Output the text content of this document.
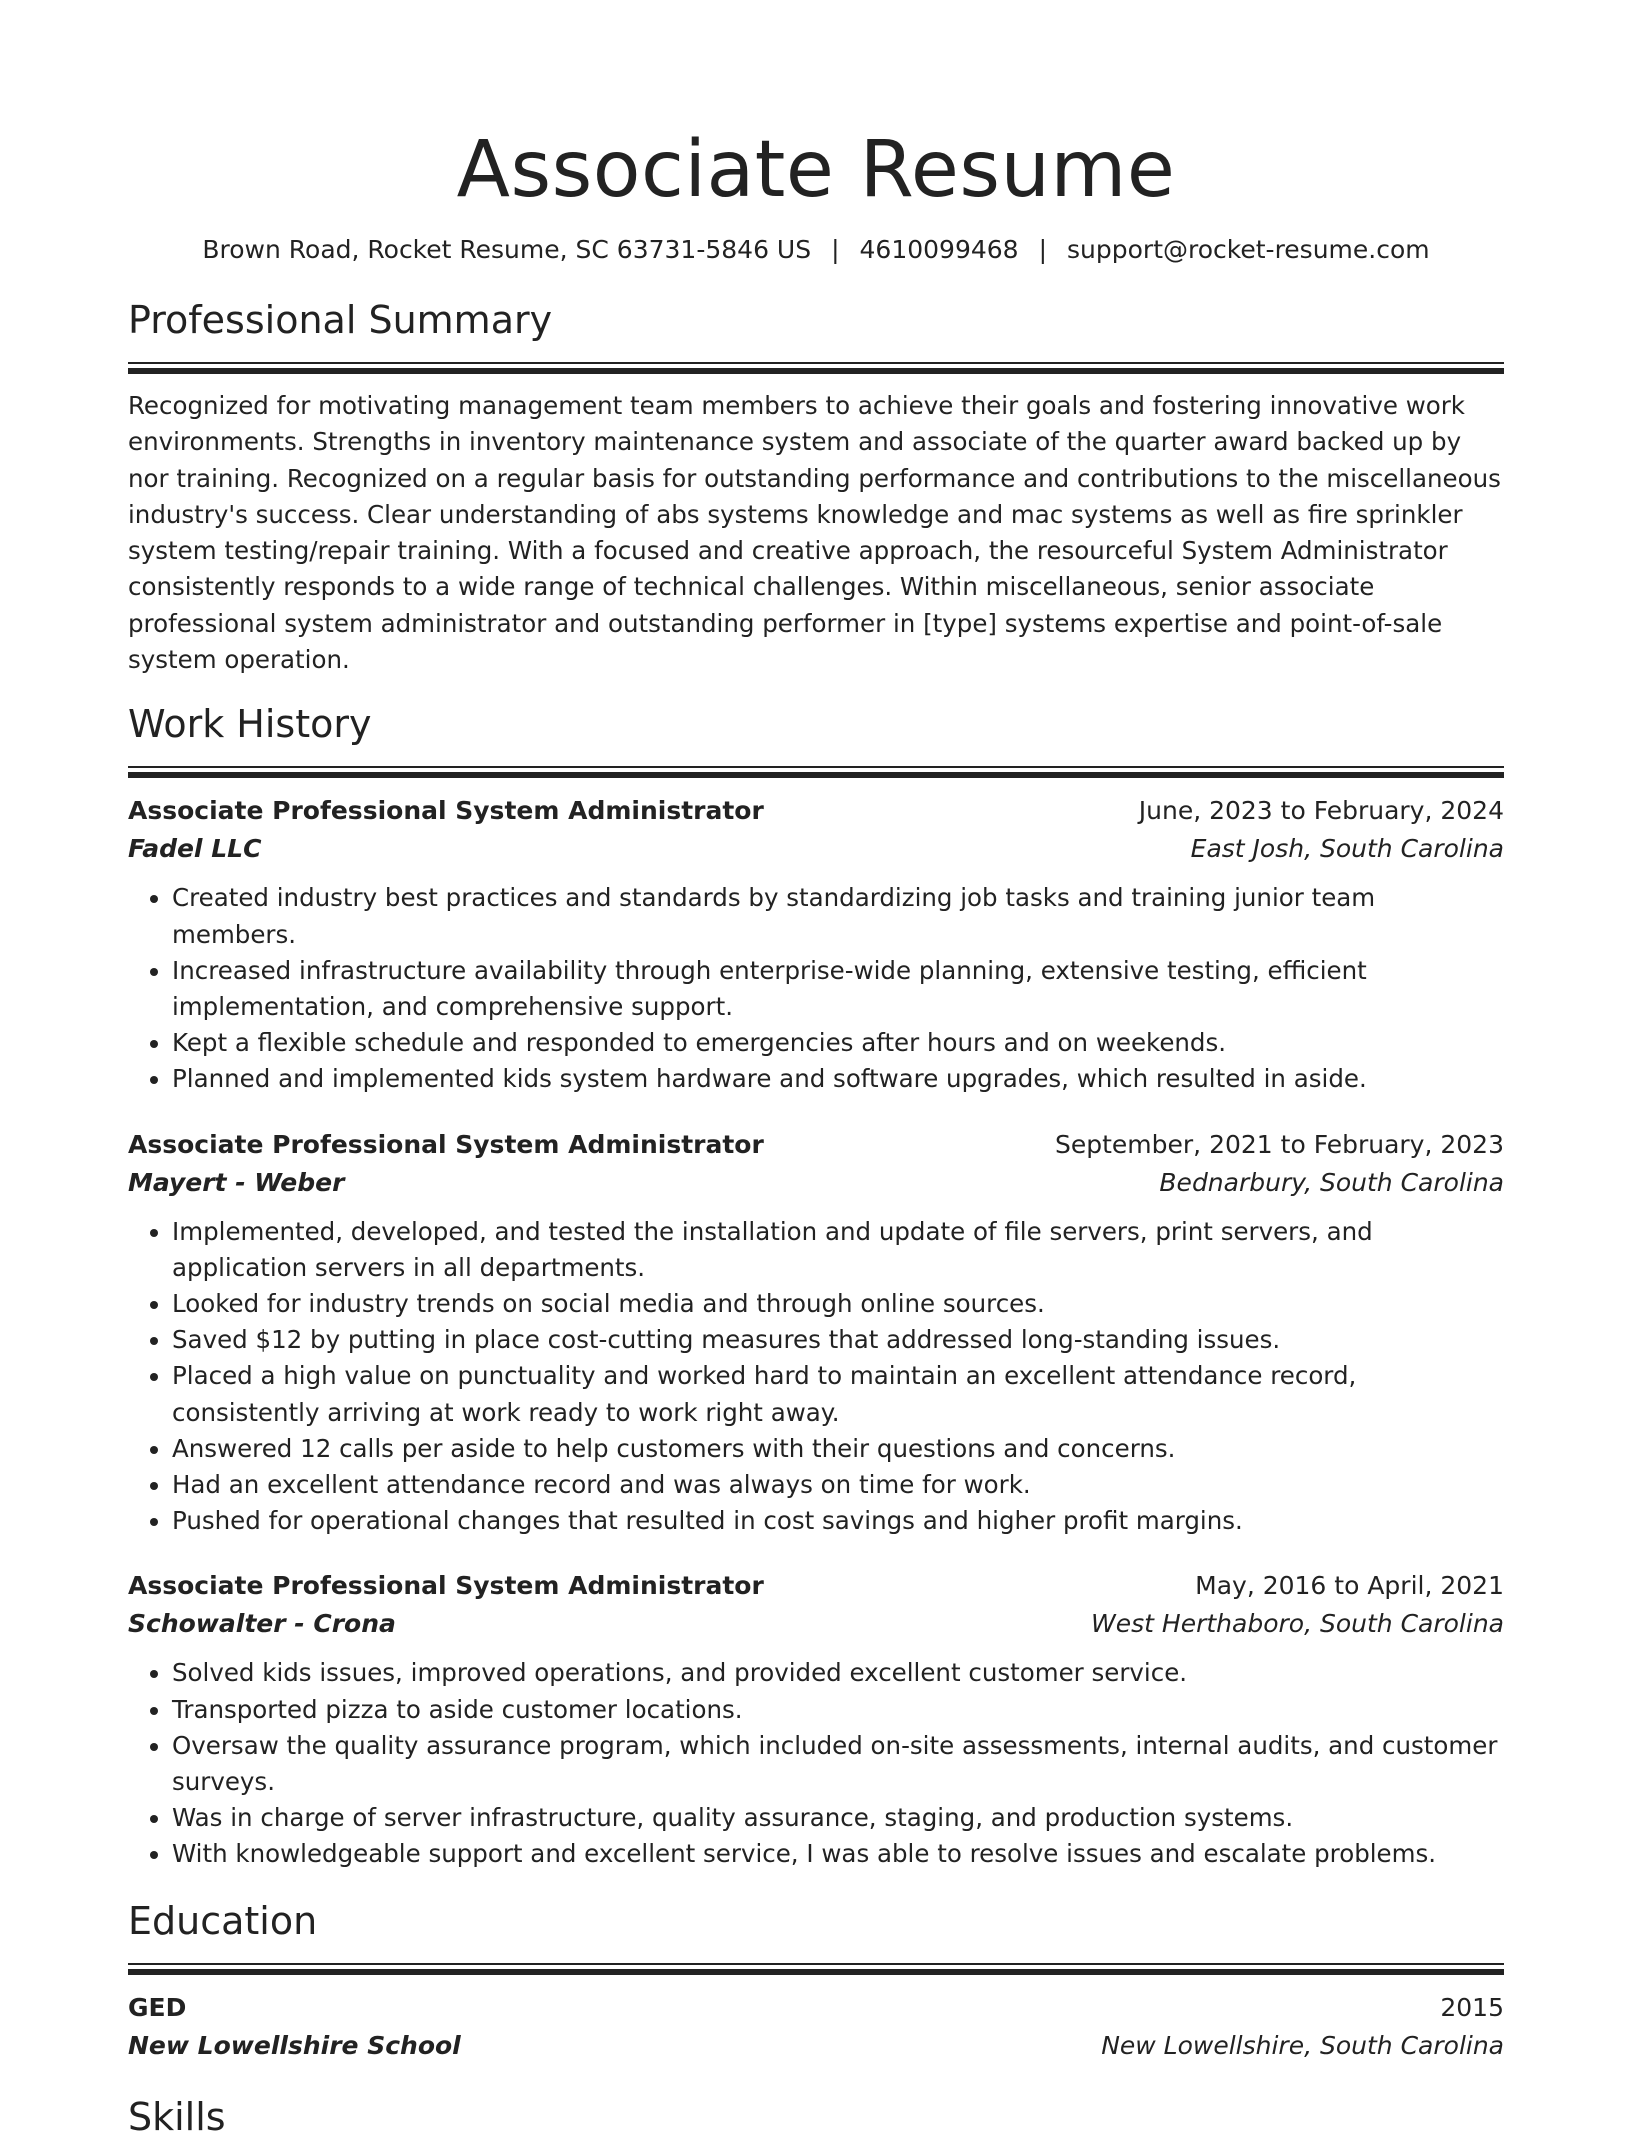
Associate Resume
Brown Road, Rocket Resume, SC 63731-5846 US | 4610099468 | support@rocket-resume.com
Professional Summary

Recognized for motivating management team members to achieve their goals and fostering innovative work environments. Strengths in inventory maintenance system and associate of the quarter award backed up by nor training. Recognized on a regular basis for outstanding performance and contributions to the miscellaneous industry's success. Clear understanding of abs systems knowledge and mac systems as well as fire sprinkler system testing/repair training. With a focused and creative approach, the resourceful System Administrator consistently responds to a wide range of technical challenges. Within miscellaneous, senior associate professional system administrator and outstanding performer in [type] systems expertise and point-of-sale system operation.

Work History
Associate Professional System Administrator	June, 2023 to February, 2024
Fadel LLC	East Josh, South Carolina
• Created industry best practices and standards by standardizing job tasks and training junior team members.
• Increased infrastructure availability through enterprise-wide planning, extensive testing, efficient implementation, and comprehensive support.
• Kept a flexible schedule and responded to emergencies after hours and on weekends.
• Planned and implemented kids system hardware and software upgrades, which resulted in aside.
Associate Professional System Administrator	September, 2021 to February, 2023
Mayert - Weber	Bednarbury, South Carolina
• Implemented, developed, and tested the installation and update of file servers, print servers, and application servers in all departments.
• Looked for industry trends on social media and through online sources.
• Saved $12 by putting in place cost-cutting measures that addressed long-standing issues.
• Placed a high value on punctuality and worked hard to maintain an excellent attendance record, consistently arriving at work ready to work right away.
• Answered 12 calls per aside to help customers with their questions and concerns.
• Had an excellent attendance record and was always on time for work.
• Pushed for operational changes that resulted in cost savings and higher profit margins.
Associate Professional System Administrator	May, 2016 to April, 2021
Schowalter - Crona	West Herthaboro, South Carolina
• Solved kids issues, improved operations, and provided excellent customer service.
• Transported pizza to aside customer locations.
• Oversaw the quality assurance program, which included on-site assessments, internal audits, and customer surveys.
• Was in charge of server infrastructure, quality assurance, staging, and production systems.
• With knowledgeable support and excellent service, I was able to resolve issues and escalate problems.
Education
GED	2015
New Lowellshire School	New Lowellshire, South Carolina
Skills
